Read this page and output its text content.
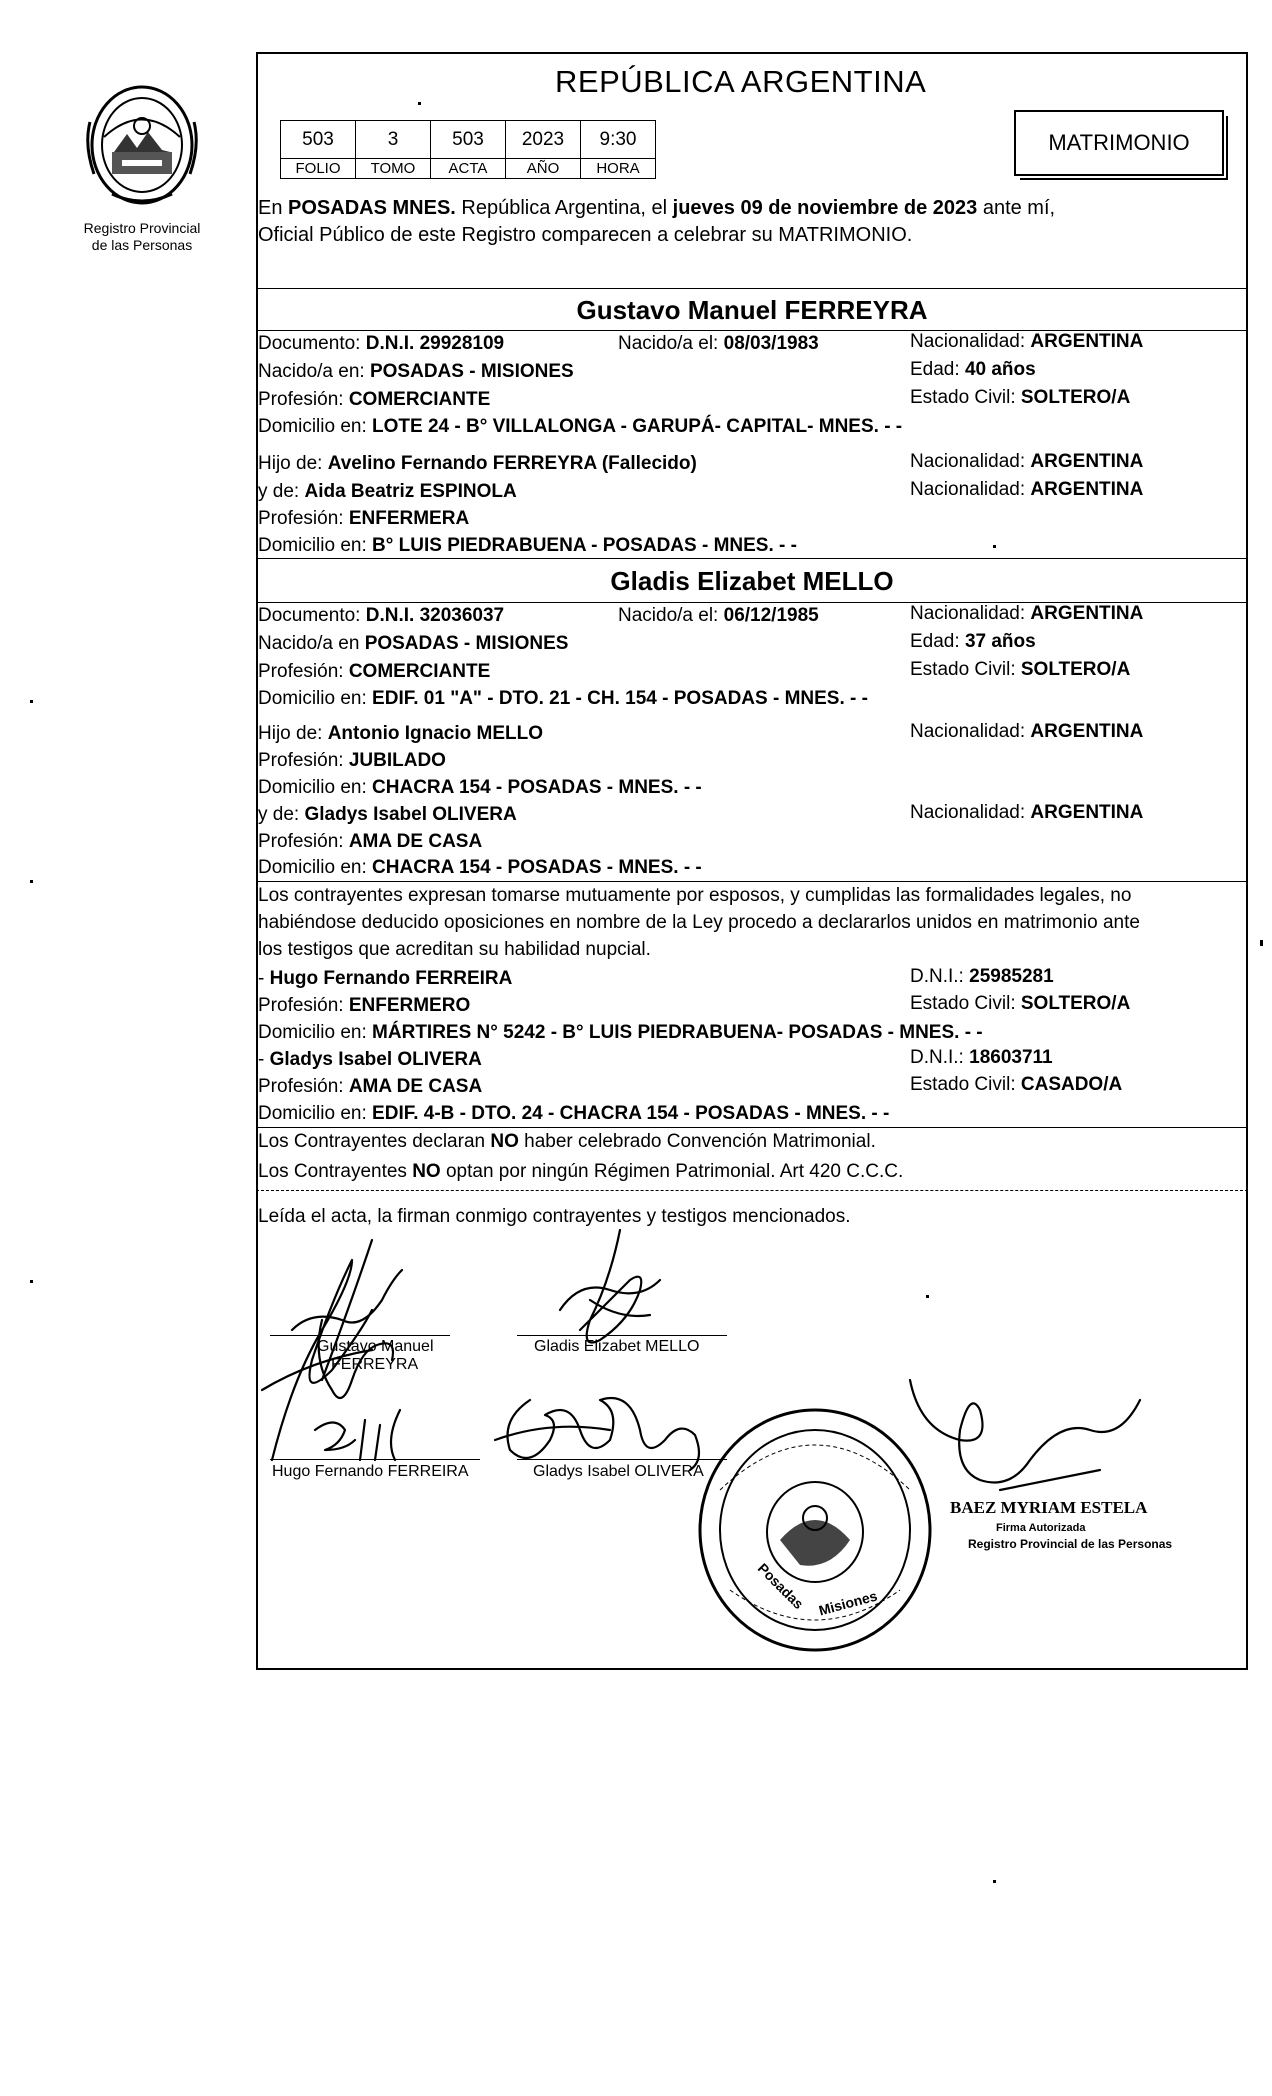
Registro Provincial
de las Personas
REPÚBLICA ARGENTINA
503	3	503	2023	9:30
FOLIO	TOMO	ACTA	AÑO	HORA
MATRIMONIO
En POSADAS MNES. República Argentina, el jueves 09 de noviembre de 2023 ante mí,
Oficial Público de este Registro comparecen a celebrar su MATRIMONIO.
Gustavo Manuel FERREYRA
Documento: D.N.I. 29928109	Nacido/a el: 08/03/1983	Nacionalidad: ARGENTINA
Nacido/a en: POSADAS - MISIONES	Edad: 40 años
Profesión: COMERCIANTE	Estado Civil: SOLTERO/A
Domicilio en: LOTE 24 - B° VILLALONGA - GARUPÁ- CAPITAL- MNES. - -
Hijo de: Avelino Fernando FERREYRA (Fallecido)	Nacionalidad: ARGENTINA
y de: Aida Beatriz ESPINOLA	Nacionalidad: ARGENTINA
Profesión: ENFERMERA
Domicilio en: B° LUIS PIEDRABUENA - POSADAS - MNES. - -
Gladis Elizabet MELLO
Documento: D.N.I. 32036037	Nacido/a el: 06/12/1985	Nacionalidad: ARGENTINA
Nacido/a en POSADAS - MISIONES	Edad: 37 años
Profesión: COMERCIANTE	Estado Civil: SOLTERO/A
Domicilio en: EDIF. 01 "A" - DTO. 21 - CH. 154 - POSADAS - MNES. - -
Hijo de: Antonio Ignacio MELLO	Nacionalidad: ARGENTINA
Profesión: JUBILADO
Domicilio en: CHACRA 154 - POSADAS - MNES. - -
y de: Gladys Isabel OLIVERA	Nacionalidad: ARGENTINA
Profesión: AMA DE CASA
Domicilio en: CHACRA 154 - POSADAS - MNES. - -
Los contrayentes expresan tomarse mutuamente por esposos, y cumplidas las formalidades legales, no
habiéndose deducido oposiciones en nombre de la Ley procedo a declararlos unidos en matrimonio ante
los testigos que acreditan su habilidad nupcial.
- Hugo Fernando FERREIRA	D.N.I.: 25985281
Profesión: ENFERMERO	Estado Civil: SOLTERO/A
Domicilio en: MÁRTIRES N° 5242 - B° LUIS PIEDRABUENA- POSADAS - MNES. - -
- Gladys Isabel OLIVERA	D.N.I.: 18603711
Profesión: AMA DE CASA	Estado Civil: CASADO/A
Domicilio en: EDIF. 4-B - DTO. 24 - CHACRA 154 - POSADAS - MNES. - -
Los Contrayentes declaran NO haber celebrado Convención Matrimonial.
Los Contrayentes NO optan por ningún Régimen Patrimonial. Art 420 C.C.C.
Leída el acta, la firman conmigo contrayentes y testigos mencionados.
Gustavo Manuel
FERREYRA
Gladis Elizabet MELLO
Hugo Fernando FERREIRA	Gladys Isabel OLIVERA
Posadas Misiones
BAEZ MYRIAM ESTELA
Firma Autorizada
Registro Provincial de las Personas
